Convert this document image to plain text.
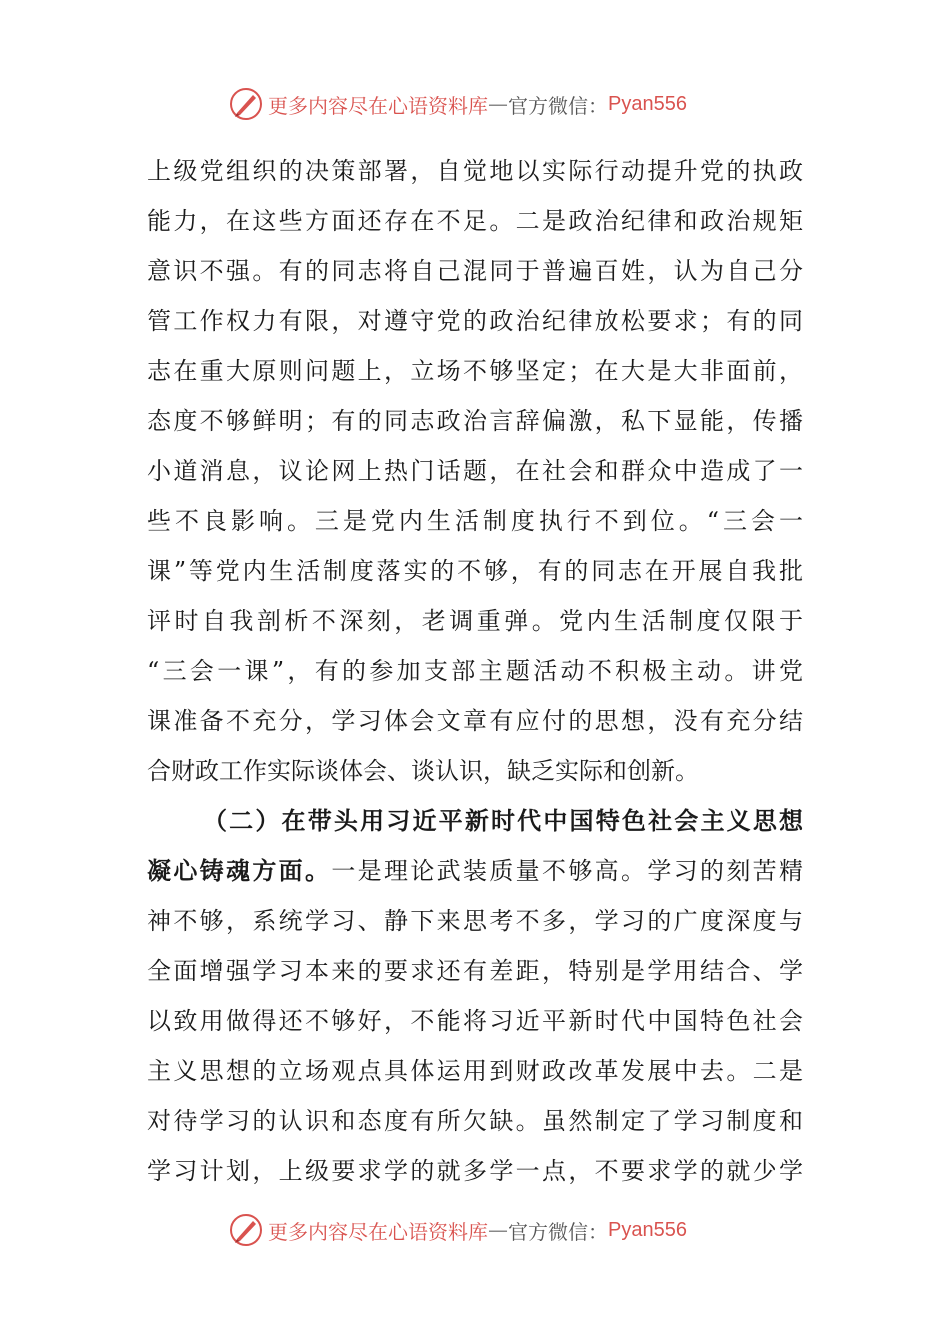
更多内容尽在心语资料库 — 官方微信： Pyan556
上级党组织的决策部署，自觉地以实际行动提升党的执政
能力，在这些方面还存在不足。二是政治纪律和政治规矩
意识不强。有的同志将自己混同于普遍百姓，认为自己分
管工作权力有限，对遵守党的政治纪律放松要求；有的同
志在重大原则问题上，立场不够坚定；在大是大非面前，
态度不够鲜明；有的同志政治言辞偏激，私下显能，传播
小道消息，议论网上热门话题，在社会和群众中造成了一
些不良影响。三是党内生活制度执行不到位。“三会一
课”等党内生活制度落实的不够，有的同志在开展自我批
评时自我剖析不深刻，老调重弹。党内生活制度仅限于
“三会一课”，有的参加支部主题活动不积极主动。讲党
课准备不充分，学习体会文章有应付的思想，没有充分结
合财政工作实际谈体会、谈认识，缺乏实际和创新。
（二）在带头用习近平新时代中国特色社会主义思想
凝心铸魂方面。一是理论武装质量不够高。学习的刻苦精
神不够，系统学习、静下来思考不多，学习的广度深度与
全面增强学习本来的要求还有差距，特别是学用结合、学
以致用做得还不够好，不能将习近平新时代中国特色社会
主义思想的立场观点具体运用到财政改革发展中去。二是
对待学习的认识和态度有所欠缺。虽然制定了学习制度和
学习计划，上级要求学的就多学一点，不要求学的就少学
更多内容尽在心语资料库 — 官方微信： Pyan556
